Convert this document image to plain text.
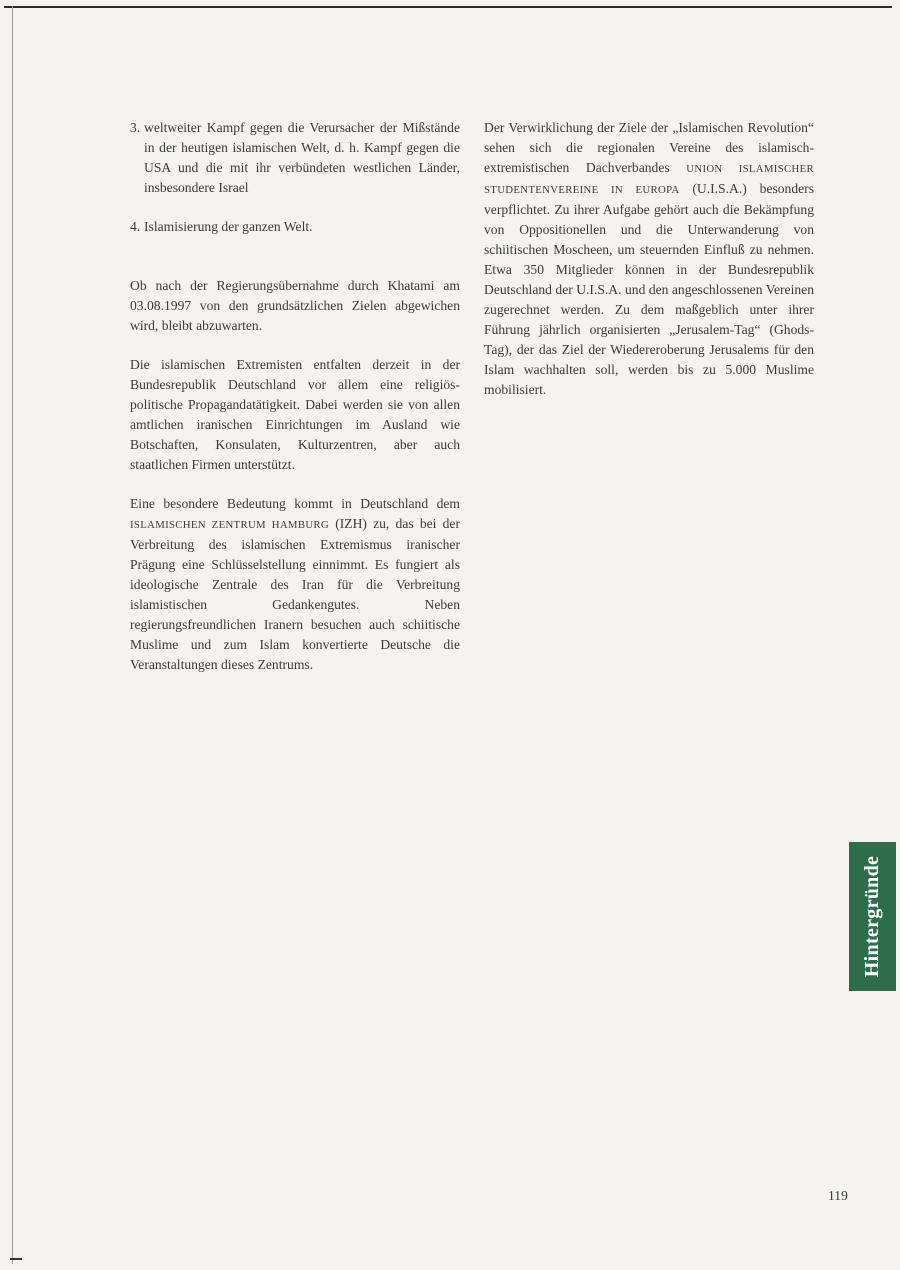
3. weltweiter Kampf gegen die Verursacher der Mißstände in der heutigen islamischen Welt, d. h. Kampf gegen die USA und die mit ihr verbündeten westlichen Länder, insbesondere Israel
4. Islamisierung der ganzen Welt.

Ob nach der Regierungsübernahme durch Khatami am 03.08.1997 von den grundsätzlichen Zielen abgewichen wird, bleibt abzuwarten.

Die islamischen Extremisten entfalten derzeit in der Bundesrepublik Deutschland vor allem eine religiös-politische Propagandatätigkeit. Dabei werden sie von allen amtlichen iranischen Einrichtungen im Ausland wie Botschaften, Konsulaten, Kulturzentren, aber auch staatlichen Firmen unterstützt.

Eine besondere Bedeutung kommt in Deutschland dem ISLAMISCHEN ZENTRUM HAMBURG (IZH) zu, das bei der Verbreitung des islamischen Extremismus iranischer Prägung eine Schlüsselstellung einnimmt. Es fungiert als ideologische Zentrale des Iran für die Verbreitung islamistischen Gedankengutes. Neben regierungsfreundlichen Iranern besuchen auch schiitische Muslime und zum Islam konvertierte Deutsche die Veranstaltungen dieses Zentrums.

Der Verwirklichung der Ziele der „Islamischen Revolution“ sehen sich die regionalen Vereine des islamisch-extremistischen Dachverbandes UNION ISLAMISCHER STUDENTENVEREINE IN EUROPA (U.I.S.A.) besonders verpflichtet. Zu ihrer Aufgabe gehört auch die Bekämpfung von Oppositionellen und die Unterwanderung von schiitischen Moscheen, um steuernden Einfluß zu nehmen. Etwa 350 Mitglieder können in der Bundesrepublik Deutschland der U.I.S.A. und den angeschlossenen Vereinen zugerechnet werden. Zu dem maßgeblich unter ihrer Führung jährlich organisierten „Jerusalem-Tag“ (Ghods-Tag), der das Ziel der Wiedereroberung Jerusalems für den Islam wachhalten soll, werden bis zu 5.000 Muslime mobilisiert.

Hintergründe
119
